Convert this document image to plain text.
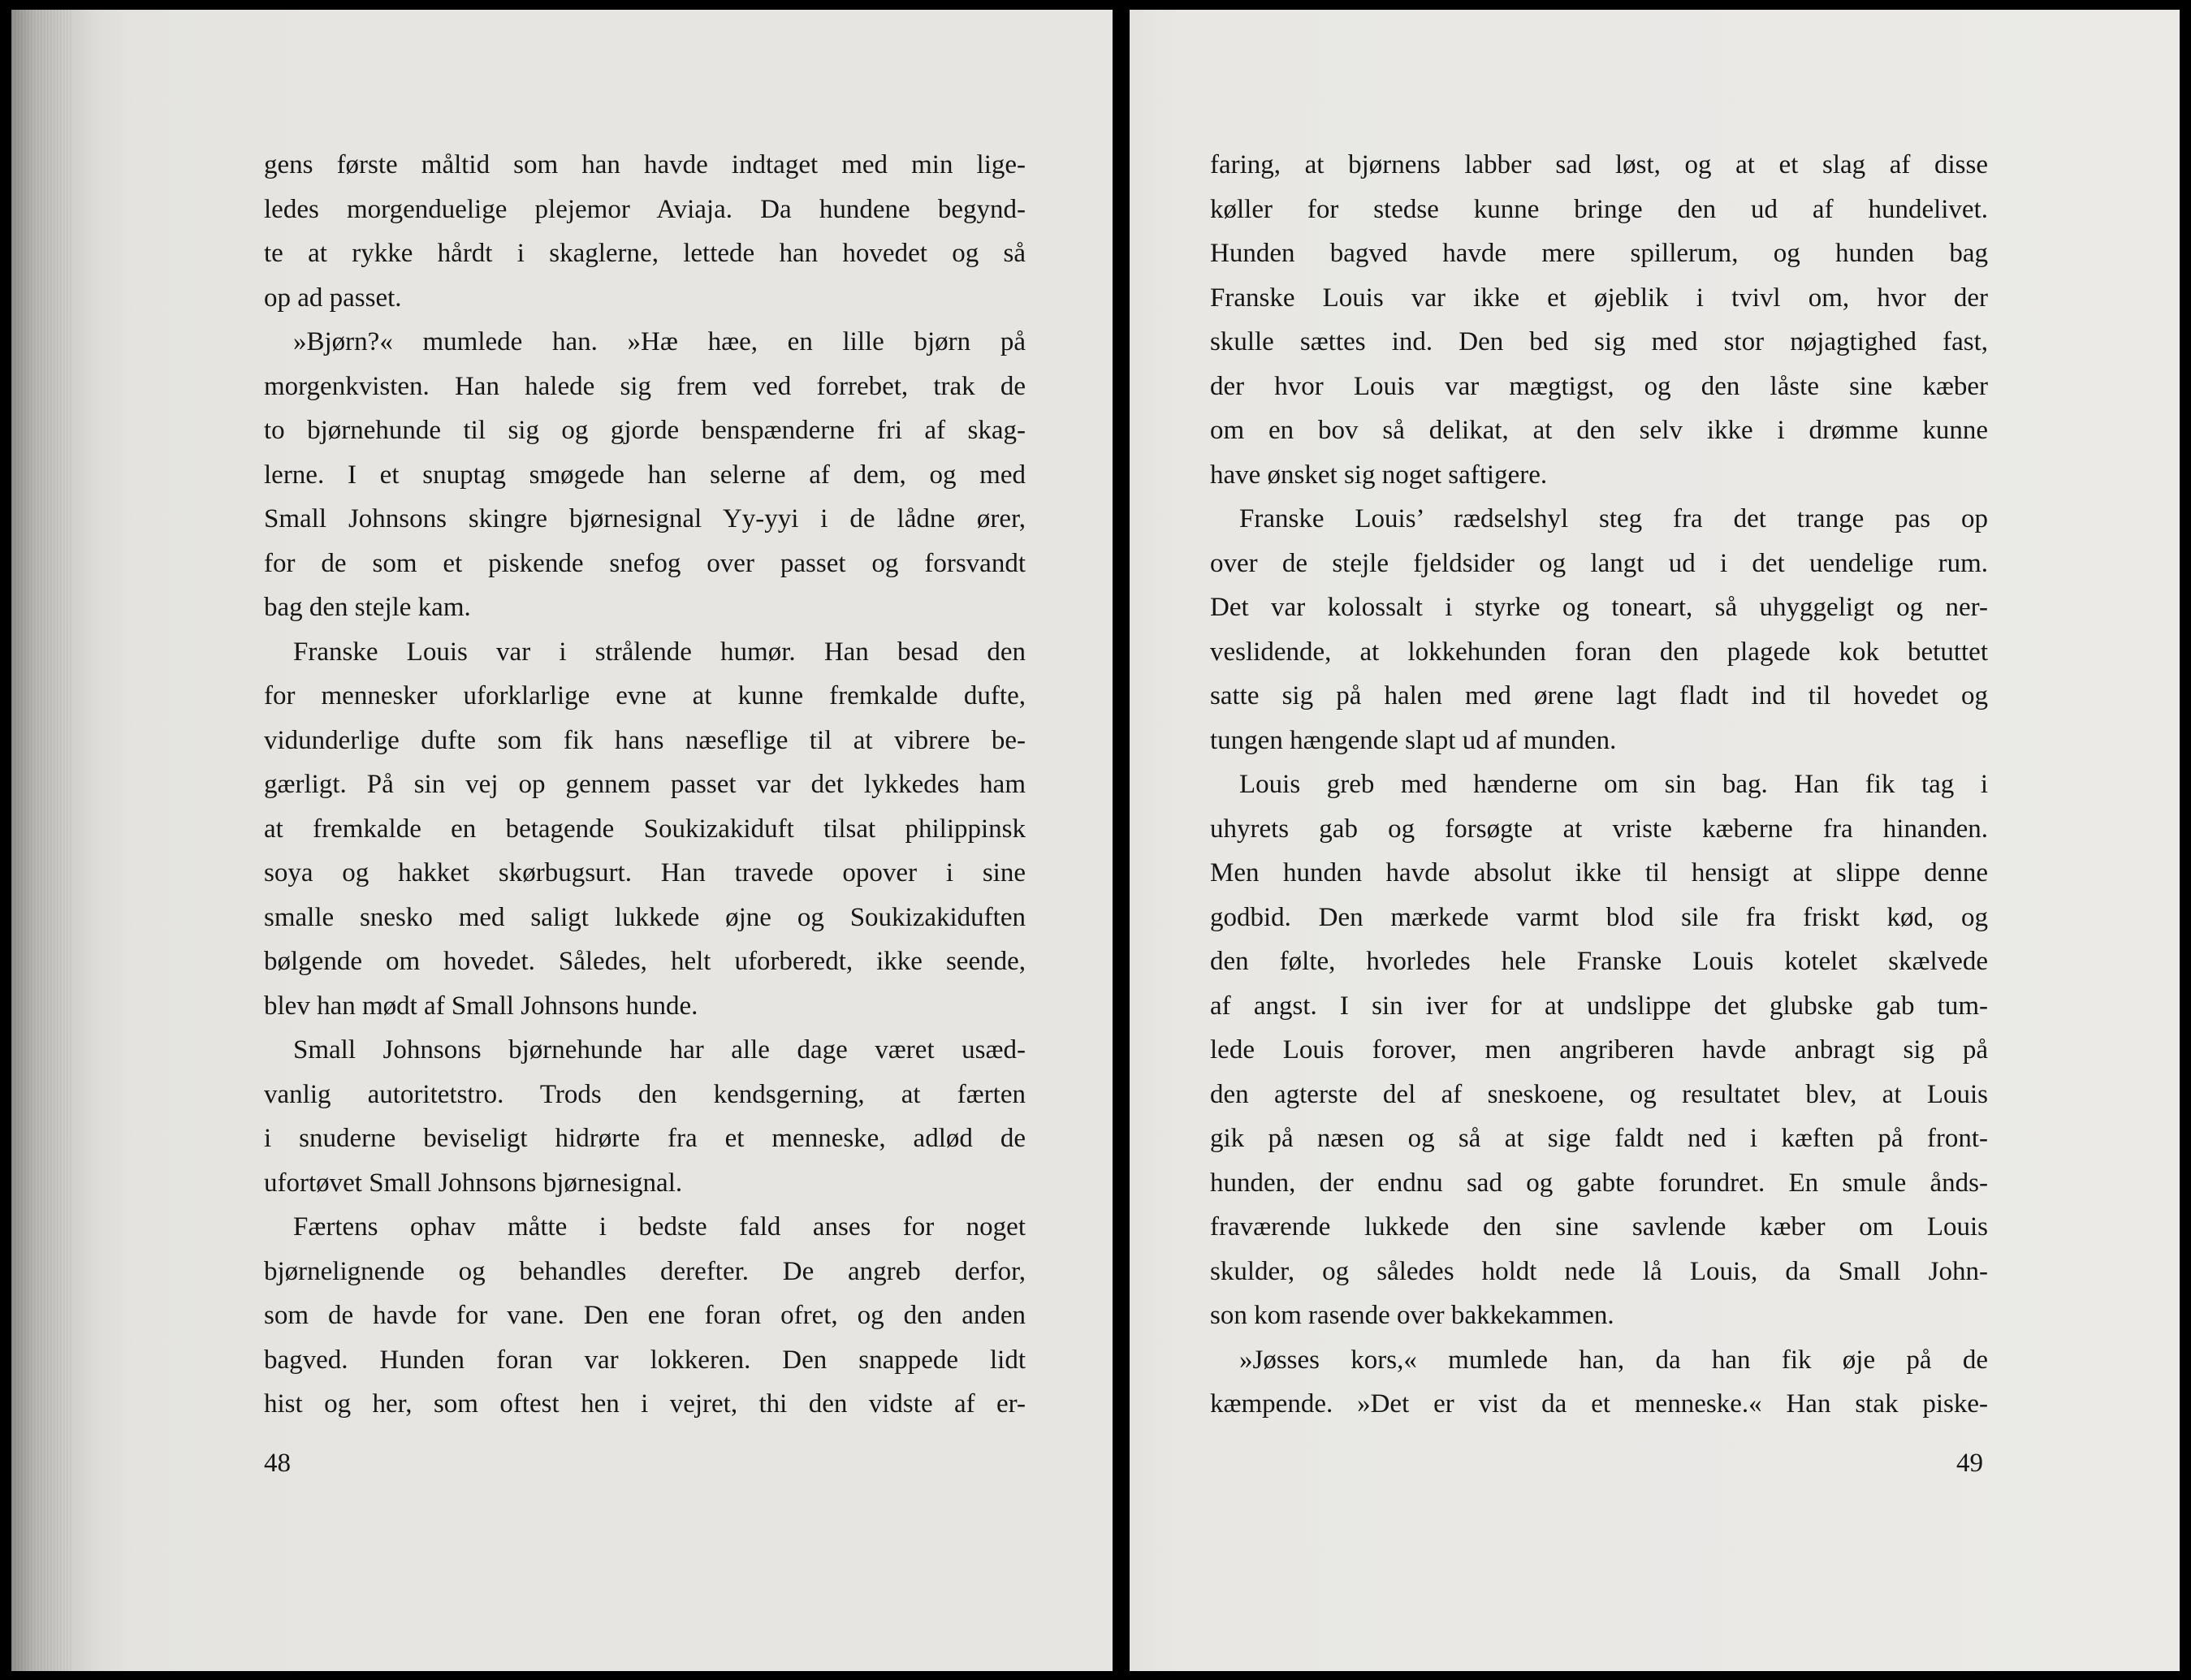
gens første måltid som han havde indtaget med min lige-
ledes morgenduelige plejemor Aviaja. Da hundene begynd-
te at rykke hårdt i skaglerne, lettede han hovedet og så
op ad passet.
»Bjørn?« mumlede han. »Hæ hæe, en lille bjørn på
morgenkvisten. Han halede sig frem ved forrebet, trak de
to bjørnehunde til sig og gjorde benspænderne fri af skag-
lerne. I et snuptag smøgede han selerne af dem, og med
Small Johnsons skingre bjørnesignal Yy-yyi i de lådne ører,
for de som et piskende snefog over passet og forsvandt
bag den stejle kam.
Franske Louis var i strålende humør. Han besad den
for mennesker uforklarlige evne at kunne fremkalde dufte,
vidunderlige dufte som fik hans næseflige til at vibrere be-
gærligt. På sin vej op gennem passet var det lykkedes ham
at fremkalde en betagende Soukizakiduft tilsat philippinsk
soya og hakket skørbugsurt. Han travede opover i sine
smalle snesko med saligt lukkede øjne og Soukizakiduften
bølgende om hovedet. Således, helt uforberedt, ikke seende,
blev han mødt af Small Johnsons hunde.
Small Johnsons bjørnehunde har alle dage været usæd-
vanlig autoritetstro. Trods den kendsgerning, at færten
i snuderne beviseligt hidrørte fra et menneske, adlød de
ufortøvet Small Johnsons bjørnesignal.
Færtens ophav måtte i bedste fald anses for noget
bjørnelignende og behandles derefter. De angreb derfor,
som de havde for vane. Den ene foran ofret, og den anden
bagved. Hunden foran var lokkeren. Den snappede lidt
hist og her, som oftest hen i vejret, thi den vidste af er-
48
faring, at bjørnens labber sad løst, og at et slag af disse
køller for stedse kunne bringe den ud af hundelivet.
Hunden bagved havde mere spillerum, og hunden bag
Franske Louis var ikke et øjeblik i tvivl om, hvor der
skulle sættes ind. Den bed sig med stor nøjagtighed fast,
der hvor Louis var mægtigst, og den låste sine kæber
om en bov så delikat, at den selv ikke i drømme kunne
have ønsket sig noget saftigere.
Franske Louis’ rædselshyl steg fra det trange pas op
over de stejle fjeldsider og langt ud i det uendelige rum.
Det var kolossalt i styrke og toneart, så uhyggeligt og ner-
veslidende, at lokkehunden foran den plagede kok betuttet
satte sig på halen med ørene lagt fladt ind til hovedet og
tungen hængende slapt ud af munden.
Louis greb med hænderne om sin bag. Han fik tag i
uhyrets gab og forsøgte at vriste kæberne fra hinanden.
Men hunden havde absolut ikke til hensigt at slippe denne
godbid. Den mærkede varmt blod sile fra friskt kød, og
den følte, hvorledes hele Franske Louis kotelet skælvede
af angst. I sin iver for at undslippe det glubske gab tum-
lede Louis forover, men angriberen havde anbragt sig på
den agterste del af sneskoene, og resultatet blev, at Louis
gik på næsen og så at sige faldt ned i kæften på front-
hunden, der endnu sad og gabte forundret. En smule ånds-
fraværende lukkede den sine savlende kæber om Louis
skulder, og således holdt nede lå Louis, da Small John-
son kom rasende over bakkekammen.
»Jøsses kors,« mumlede han, da han fik øje på de
kæmpende. »Det er vist da et menneske.« Han stak piske-
49
